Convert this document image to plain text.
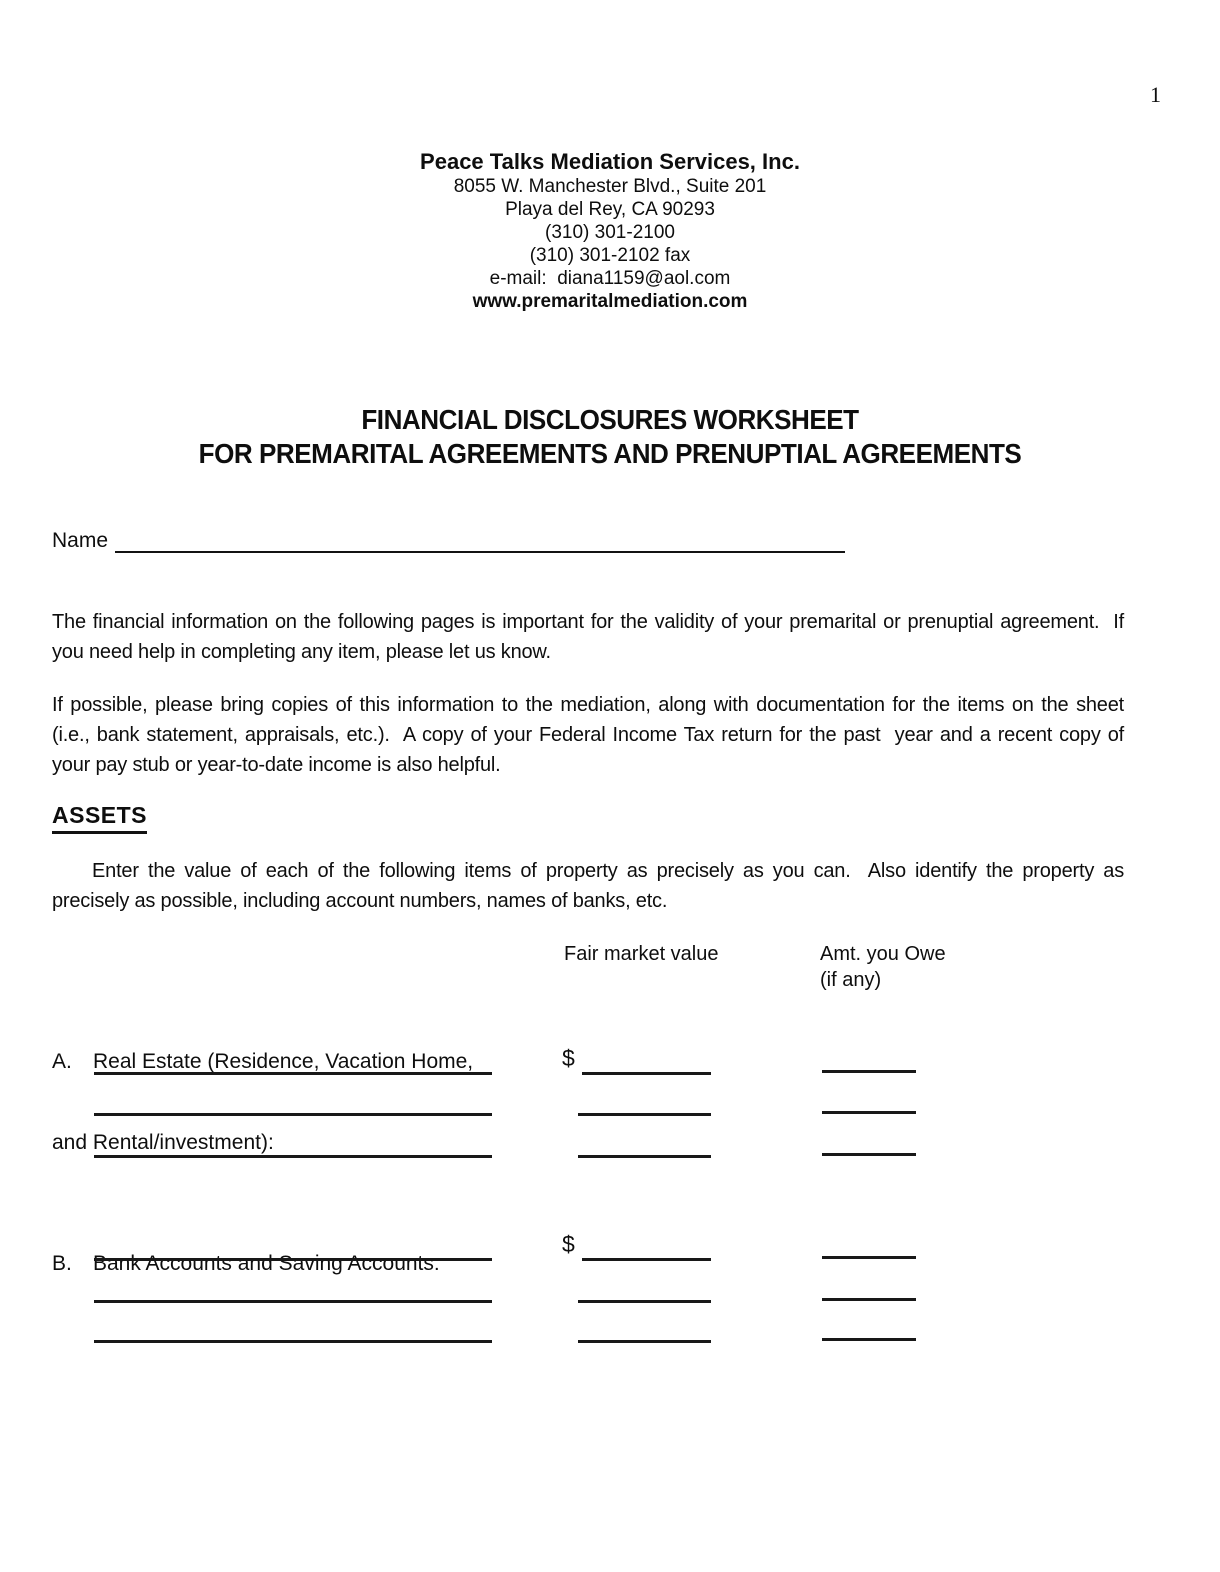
1
Peace Talks Mediation Services, Inc.
8055 W. Manchester Blvd., Suite 201
Playa del Rey, CA 90293
(310) 301-2100
(310) 301-2102 fax
e-mail:  diana1159@aol.com
www.premaritalmediation.com
FINANCIAL DISCLOSURES WORKSHEET
FOR PREMARITAL AGREEMENTS AND PRENUPTIAL AGREEMENTS
Name

The financial information on the following pages is important for the validity of your premarital or prenuptial agreement.  If you need help in completing any item, please let us know.

If possible, please bring copies of this information to the mediation, along with documentation for the items on the sheet (i.e., bank statement, appraisals, etc.).  A copy of your Federal Income Tax return for the past  year and a recent copy of your pay stub or year-to-date income is also helpful.

ASSETS

Enter the value of each of the following items of property as precisely as you can.  Also identify the property as precisely as possible, including account numbers, names of banks, etc.

Fair market value	Amt. you Owe
(if any)

A. Real Estate (Residence, Vacation Home,

and Rental/investment):

$

B. Bank Accounts and Saving Accounts:

$
